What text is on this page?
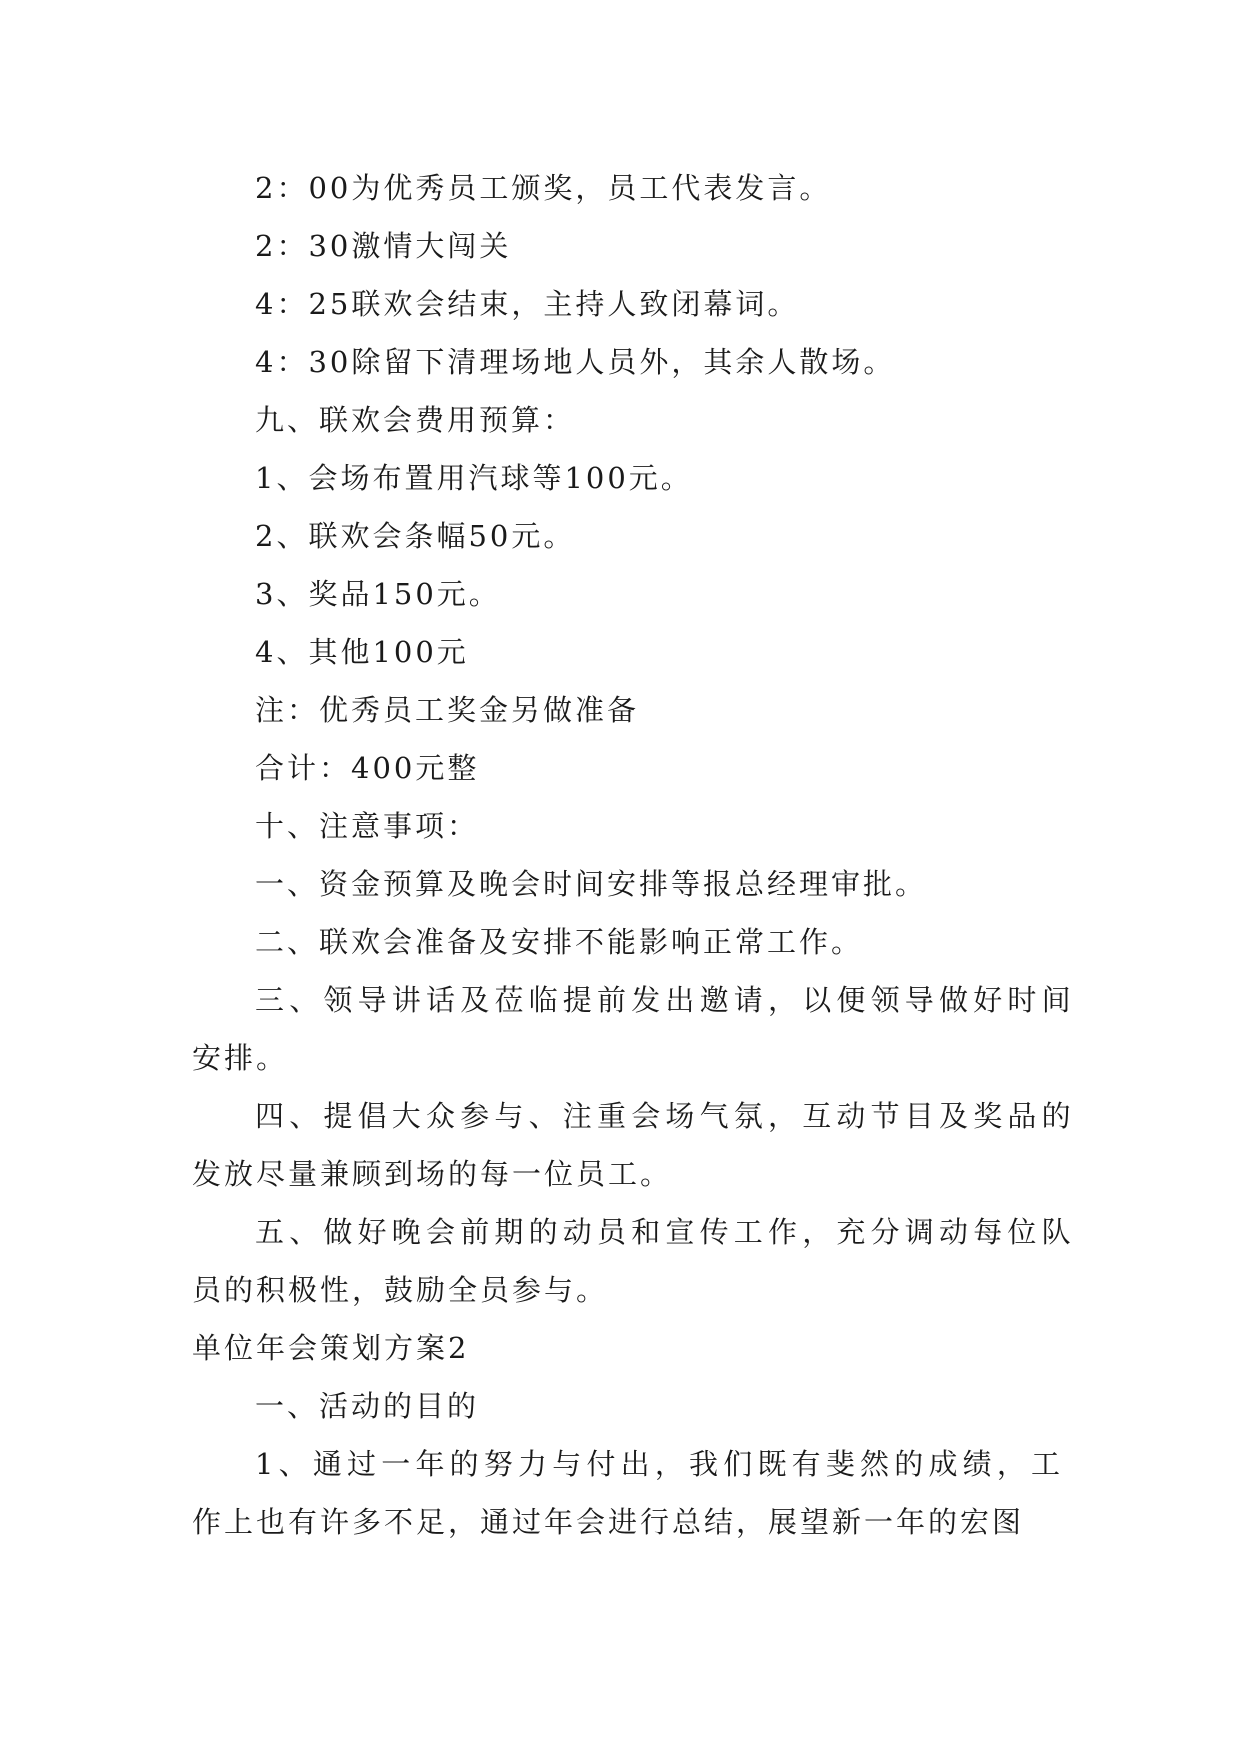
2：00为优秀员工颁奖，员工代表发言。
2：30激情大闯关
4：25联欢会结束，主持人致闭幕词。
4：30除留下清理场地人员外，其余人散场。
九、联欢会费用预算：
1、会场布置用汽球等100元。
2、联欢会条幅50元。
3、奖品150元。
4、其他100元
注：优秀员工奖金另做准备
合计：400元整
十、注意事项：
一、资金预算及晚会时间安排等报总经理审批。
二、联欢会准备及安排不能影响正常工作。
三、领导讲话及莅临提前发出邀请，以便领导做好时间
安排。
四、提倡大众参与、注重会场气氛，互动节目及奖品的
发放尽量兼顾到场的每一位员工。
五、做好晚会前期的动员和宣传工作，充分调动每位队
员的积极性，鼓励全员参与。
单位年会策划方案2
一、活动的目的
1、通过一年的努力与付出，我们既有斐然的成绩，工
作上也有许多不足，通过年会进行总结，展望新一年的宏图
